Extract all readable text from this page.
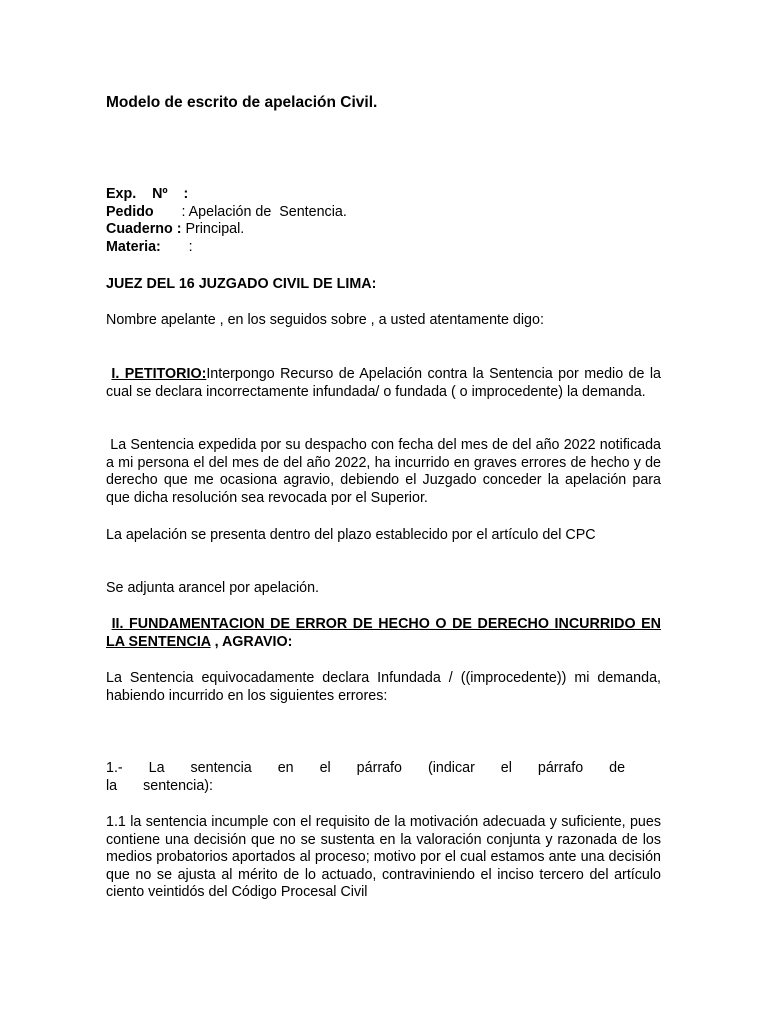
Modelo de escrito de apelación Civil.
Exp.    Nº    :
Pedido : Apelación de  Sentencia.
Cuaderno : Principal.
Materia: :
JUEZ DEL 16 JUZGADO CIVIL DE LIMA:
Nombre apelante , en los seguidos sobre , a usted atentamente digo:
I. PETITORIO:Interpongo Recurso de Apelación contra la Sentencia por medio de la cual se declara incorrectamente infundada/ o fundada ( o improcedente) la demanda.
La Sentencia expedida por su despacho con fecha del mes de del año 2022 notificada a mi persona el del mes de del año 2022, ha incurrido en graves errores de hecho y de derecho que me ocasiona agravio, debiendo el Juzgado conceder la apelación para que dicha resolución sea revocada por el Superior.
La apelación se presenta dentro del plazo establecido por el artículo del CPC
Se adjunta arancel por apelación.
II. FUNDAMENTACION DE ERROR DE HECHO O DE DERECHO INCURRIDO EN LA SENTENCIA , AGRAVIO:
La Sentencia equivocadamente declara Infundada / ((improcedente)) mi demanda, habiendo incurrido en los siguientes errores:
1.- La sentencia en el párrafo (indicar el párrafo de la sentencia):
1.1 la sentencia incumple con el requisito de la motivación adecuada y suficiente, pues contiene una decisión que no se sustenta en la valoración conjunta y razonada de los medios probatorios aportados al proceso; motivo por el cual estamos ante una decisión que no se ajusta al mérito de lo actuado, contraviniendo el inciso tercero del artículo ciento veintidós del Código Procesal Civil
